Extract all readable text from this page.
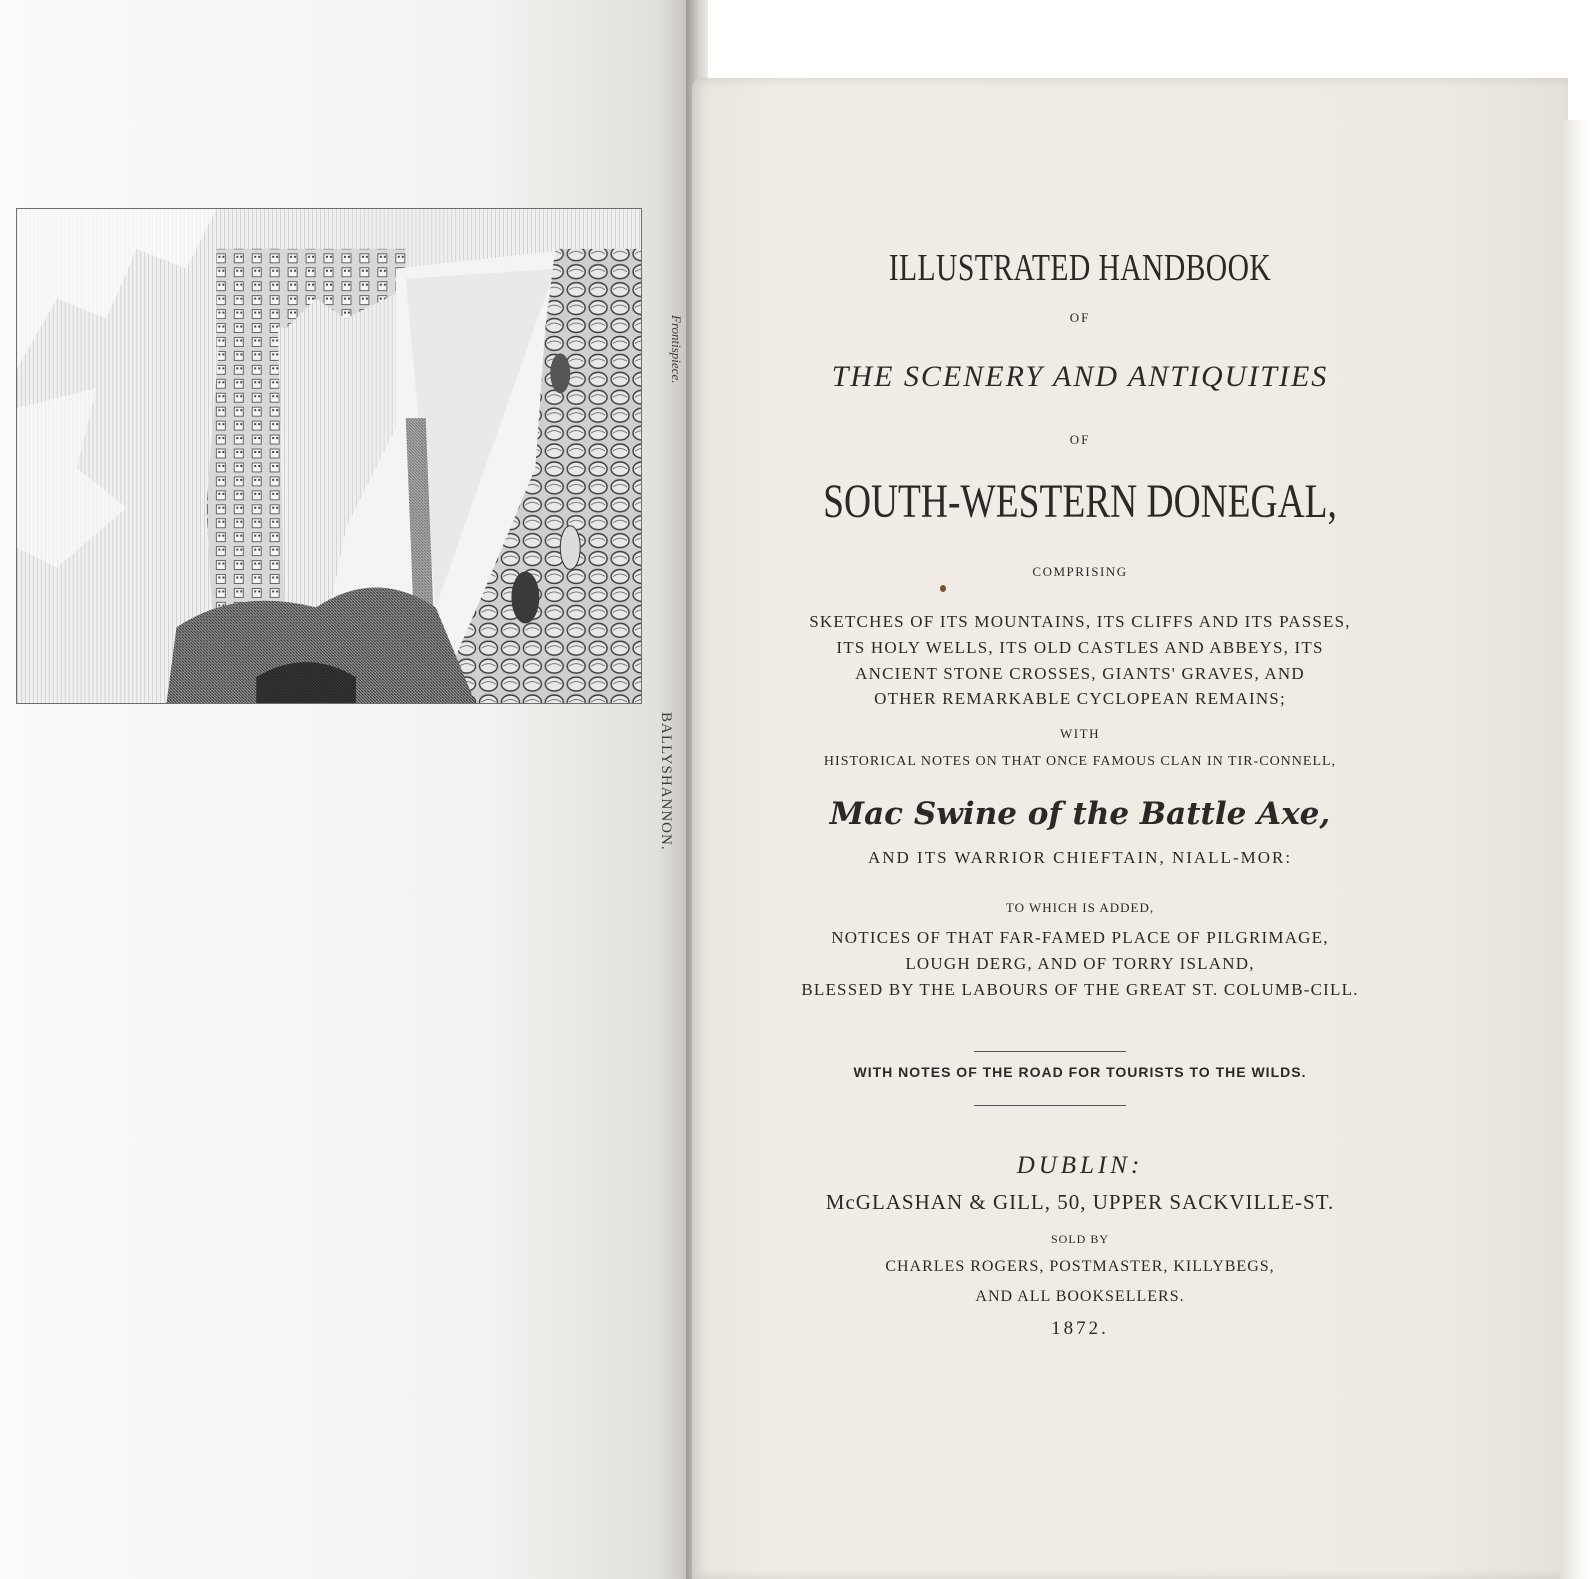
BALLYSHANNON.
Frontispiece.
ILLUSTRATED HANDBOOK
OF
THE SCENERY AND ANTIQUITIES
OF
SOUTH-WESTERN DONEGAL,
COMPRISING
SKETCHES OF ITS MOUNTAINS, ITS CLIFFS AND ITS PASSES,
ITS HOLY WELLS, ITS OLD CASTLES AND ABBEYS, ITS
ANCIENT STONE CROSSES, GIANTS' GRAVES, AND
OTHER REMARKABLE CYCLOPEAN REMAINS;
WITH
HISTORICAL NOTES ON THAT ONCE FAMOUS CLAN IN TIR-CONNELL,
Mac Swine of the Battle Axe,
AND ITS WARRIOR CHIEFTAIN, NIALL-MOR:
TO WHICH IS ADDED,
NOTICES OF THAT FAR-FAMED PLACE OF PILGRIMAGE,
LOUGH DERG, AND OF TORRY ISLAND,
BLESSED BY THE LABOURS OF THE GREAT ST. COLUMB-CILL.
WITH NOTES OF THE ROAD FOR TOURISTS TO THE WILDS.
DUBLIN:
McGLASHAN & GILL, 50, UPPER SACKVILLE-ST.
SOLD BY
CHARLES ROGERS, POSTMASTER, KILLYBEGS,
AND ALL BOOKSELLERS.
1872.
